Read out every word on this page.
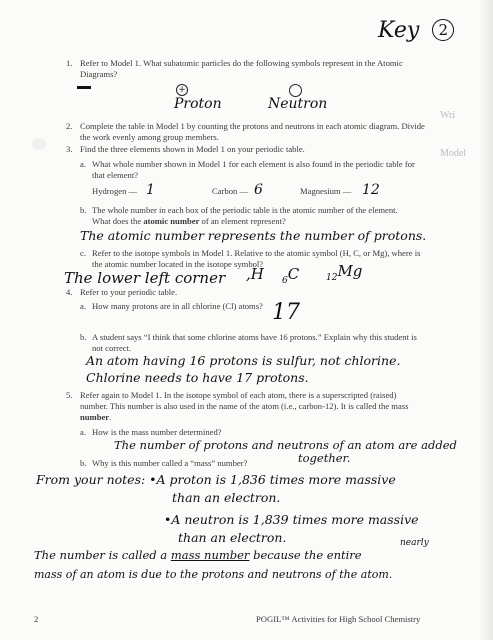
Key 2
Wri
Model
1. Refer to Model 1. What subatomic particles do the following symbols represent in the Atomic Diagrams?
+
Proton	Neutron
2. Complete the table in Model 1 by counting the protons and neutrons in each atomic diagram. Divide the work evenly among group members.
3. Find the three elements shown in Model 1 on your periodic table.
a. What whole number shown in Model 1 for each element is also found in the periodic table for that element?
Hydrogen — 1	Carbon — 6	Magnesium — 12
b. The whole number in each box of the periodic table is the atomic number of the element.
What does the atomic number of an element represent?
The atomic number represents the number of protons.
c. Refer to the isotope symbols in Model 1. Relative to the atomic symbol (H, C, or Mg), where is the atomic number located in the isotope symbol?
The lower left corner ,H $_6$C	$_{12}$Mg
4. Refer to your periodic table.
a. How many protons are in all chlorine (Cl) atoms? 17
b. A student says “I think that some chlorine atoms have 16 protons.” Explain why this student is not correct.
An atom having 16 protons is sulfur, not chlorine.
Chlorine needs to have 17 protons.
5. Refer again to Model 1. In the isotope symbol of each atom, there is a superscripted (raised)
number. This number is also used in the name of the atom (i.e., carbon-12). It is called the mass
number.
a. How is the mass number determined?
The number of protons and neutrons of an atom are added
together.
b. Why is this number called a “mass” number?
From your notes: •A proton is 1,836 times more massive
than an electron.
•A neutron is 1,839 times more massive
than an electron.	nearly
The number is called a mass number because the entire
mass of an atom is due to the protons and neutrons of the atom.
2	POGIL™ Activities for High School Chemistry
